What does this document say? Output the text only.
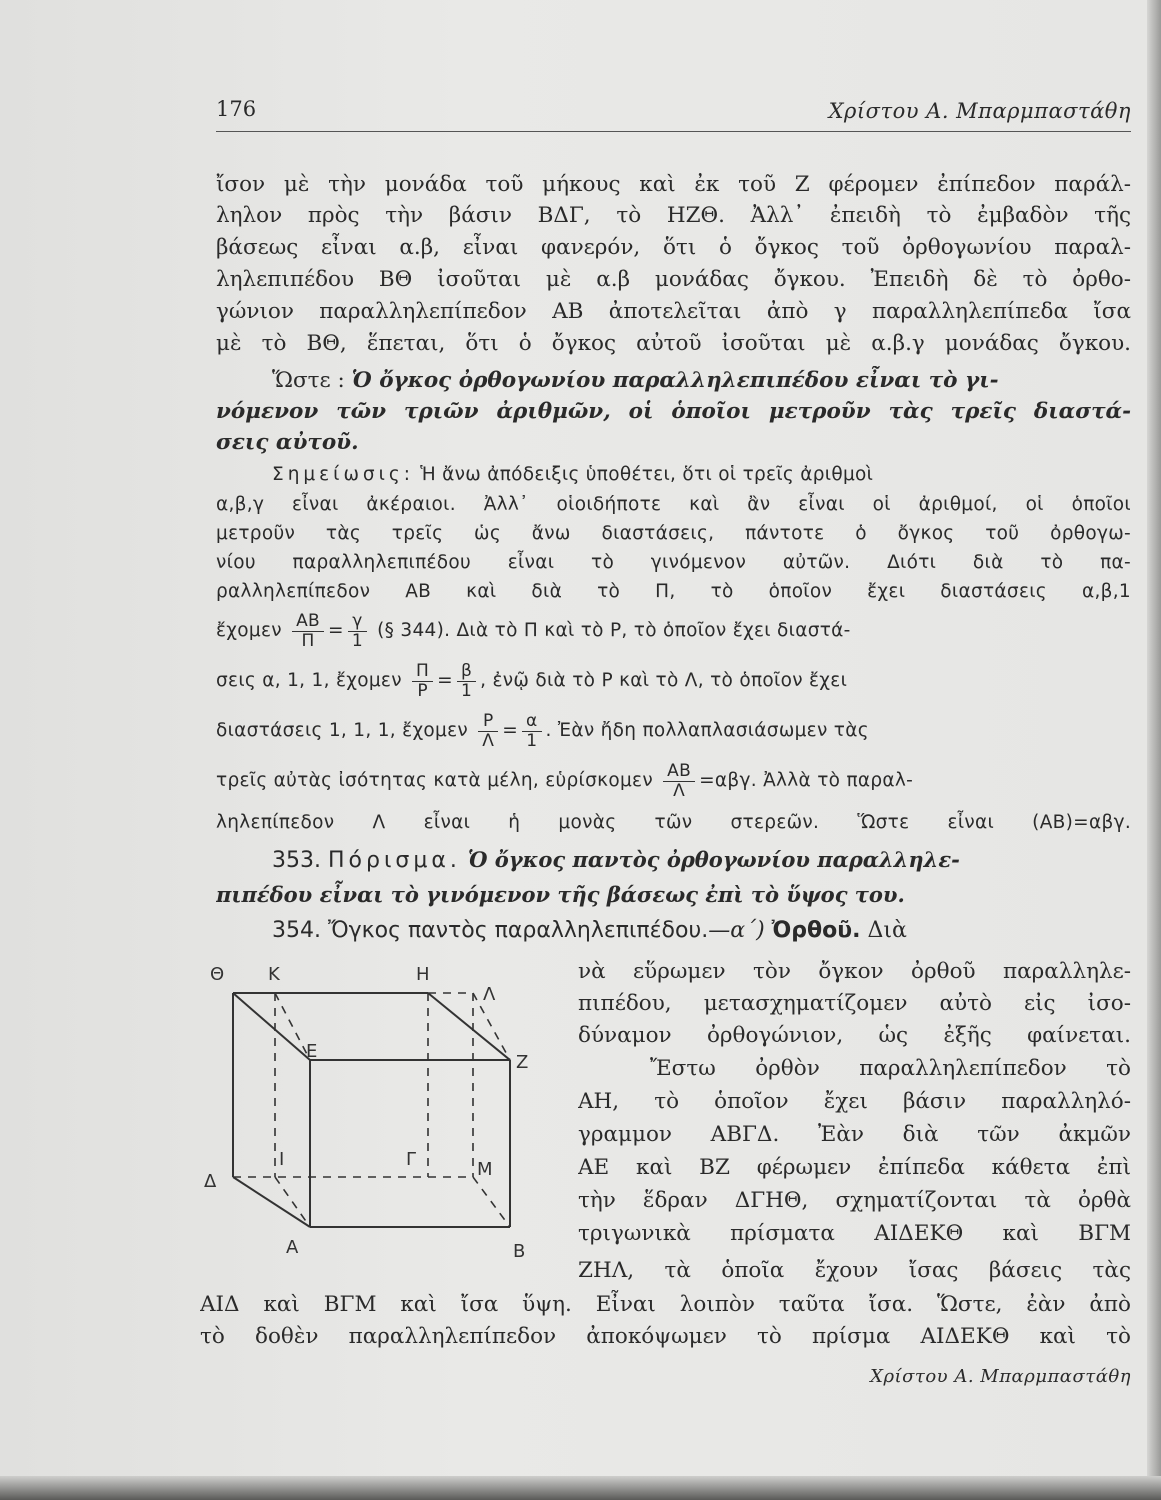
176	Χρίστου Α. Μπαρμπαστάθη
ἴσον μὲ τὴν μονάδα τοῦ μήκους καὶ ἐκ τοῦ Ζ φέρομεν ἐπίπεδον παράλ-
ληλον πρὸς τὴν βάσιν ΒΔΓ, τὸ ΗΖΘ. Ἀλλ᾽ ἐπειδὴ τὸ ἐμβαδὸν τῆς
βάσεως εἶναι α.β, εἶναι φανερόν, ὅτι ὁ ὄγκος τοῦ ὀρθογωνίου παραλ-
ληλεπιπέδου ΒΘ ἰσοῦται μὲ α.β μονάδας ὄγκου. Ἐπειδὴ δὲ τὸ ὀρθο-
γώνιον παραλληλεπίπεδον ΑΒ ἀποτελεῖται ἀπὸ γ παραλληλεπίπεδα ἴσα
μὲ τὸ ΒΘ, ἕπεται, ὅτι ὁ ὄγκος αὐτοῦ ἰσοῦται μὲ α.β.γ μονάδας ὄγκου.
Ὥστε : Ὁ ὄγκος ὀρθογωνίου παραλληλεπιπέδου εἶναι τὸ γι-
νόμενον τῶν τριῶν ἀριθμῶν, οἱ ὁποῖοι μετροῦν τὰς τρεῖς διαστά-
σεις αὐτοῦ.
Σημείωσις: Ἡ ἄνω ἀπόδειξις ὑποθέτει, ὅτι οἱ τρεῖς ἀριθμοὶ
α,β,γ εἶναι ἀκέραιοι. Ἀλλ᾽ οἱοιδήποτε καὶ ἂν εἶναι οἱ ἀριθμοί, οἱ ὁποῖοι
μετροῦν τὰς τρεῖς ὡς ἄνω διαστάσεις, πάντοτε ὁ ὄγκος τοῦ ὀρθογω-
νίου παραλληλεπιπέδου εἶναι τὸ γινόμενον αὐτῶν. Διότι διὰ τὸ πα-
ραλληλεπίπεδον ΑΒ καὶ διὰ τὸ Π, τὸ ὁποῖον ἔχει διαστάσεις α,β,1
ἔχομεν $\frac{AB}{\Pi} = \frac{\gamma}{1}$ (§ 344). Διὰ τὸ Π καὶ τὸ Ρ, τὸ ὁποῖον ἔχει διαστά-
σεις α, 1, 1, ἔχομεν $\frac{\Pi}{P} = \frac{\beta}{1}$ , ἐνῷ διὰ τὸ Ρ καὶ τὸ Λ, τὸ ὁποῖον ἔχει
διαστάσεις 1, 1, 1, ἔχομεν $\frac{P}{\Lambda} = \frac{\alpha}{1}$ . Ἐὰν ἤδη πολλαπλασιάσωμεν τὰς
τρεῖς αὐτὰς ἰσότητας κατὰ μέλη, εὑρίσκομεν $\frac{AB}{\Lambda} =\alpha\beta\gamma$. Ἀλλὰ τὸ παραλ-
ληλεπίπεδον Λ εἶναι ἡ μονὰς τῶν στερεῶν. Ὥστε εἶναι (ΑΒ)=αβγ.
353. Πόρισμα. Ὁ ὄγκος παντὸς ὀρθογωνίου παραλληλε-
πιπέδου εἶναι τὸ γινόμενον τῆς βάσεως ἐπὶ τὸ ὕψος του.
354. Ὄγκος παντὸς παραλληλεπιπέδου.—α´) Ὀρθοῦ. Διὰ
νὰ εὕρωμεν τὸν ὄγκον ὀρθοῦ παραλληλε-
πιπέδου, μετασχηματίζομεν αὐτὸ εἰς ἰσο-
δύναμον ὀρθογώνιον, ὡς ἐξῆς φαίνεται.
Ἔστω ὀρθὸν παραλληλεπίπεδον τὸ
ΑΗ, τὸ ὁποῖον ἔχει βάσιν παραλληλό-
γραμμον ΑΒΓΔ. Ἐὰν διὰ τῶν ἀκμῶν
ΑΕ καὶ ΒΖ φέρωμεν ἐπίπεδα κάθετα ἐπὶ
τὴν ἕδραν ΔΓΗΘ, σχηματίζονται τὰ ὀρθὰ
τριγωνικὰ πρίσματα ΑΙΔΕΚΘ καὶ ΒΓΜ
ΖΗΛ, τὰ ὁποῖα ἔχουν ἴσας βάσεις τὰς
ΑΙΔ καὶ ΒΓΜ καὶ ἴσα ὕψη. Εἶναι λοιπὸν ταῦτα ἴσα. Ὥστε, ἐὰν ἀπὸ
τὸ δοθὲν παραλληλεπίπεδον ἀποκόψωμεν τὸ πρίσμα ΑΙΔΕΚΘ καὶ τὸ
Θ Κ	Η
Λ
Ε
Ζ
Ι	Γ	Μ
Δ
Α	Β
Χρίστου Α. Μπαρμπαστάθη
